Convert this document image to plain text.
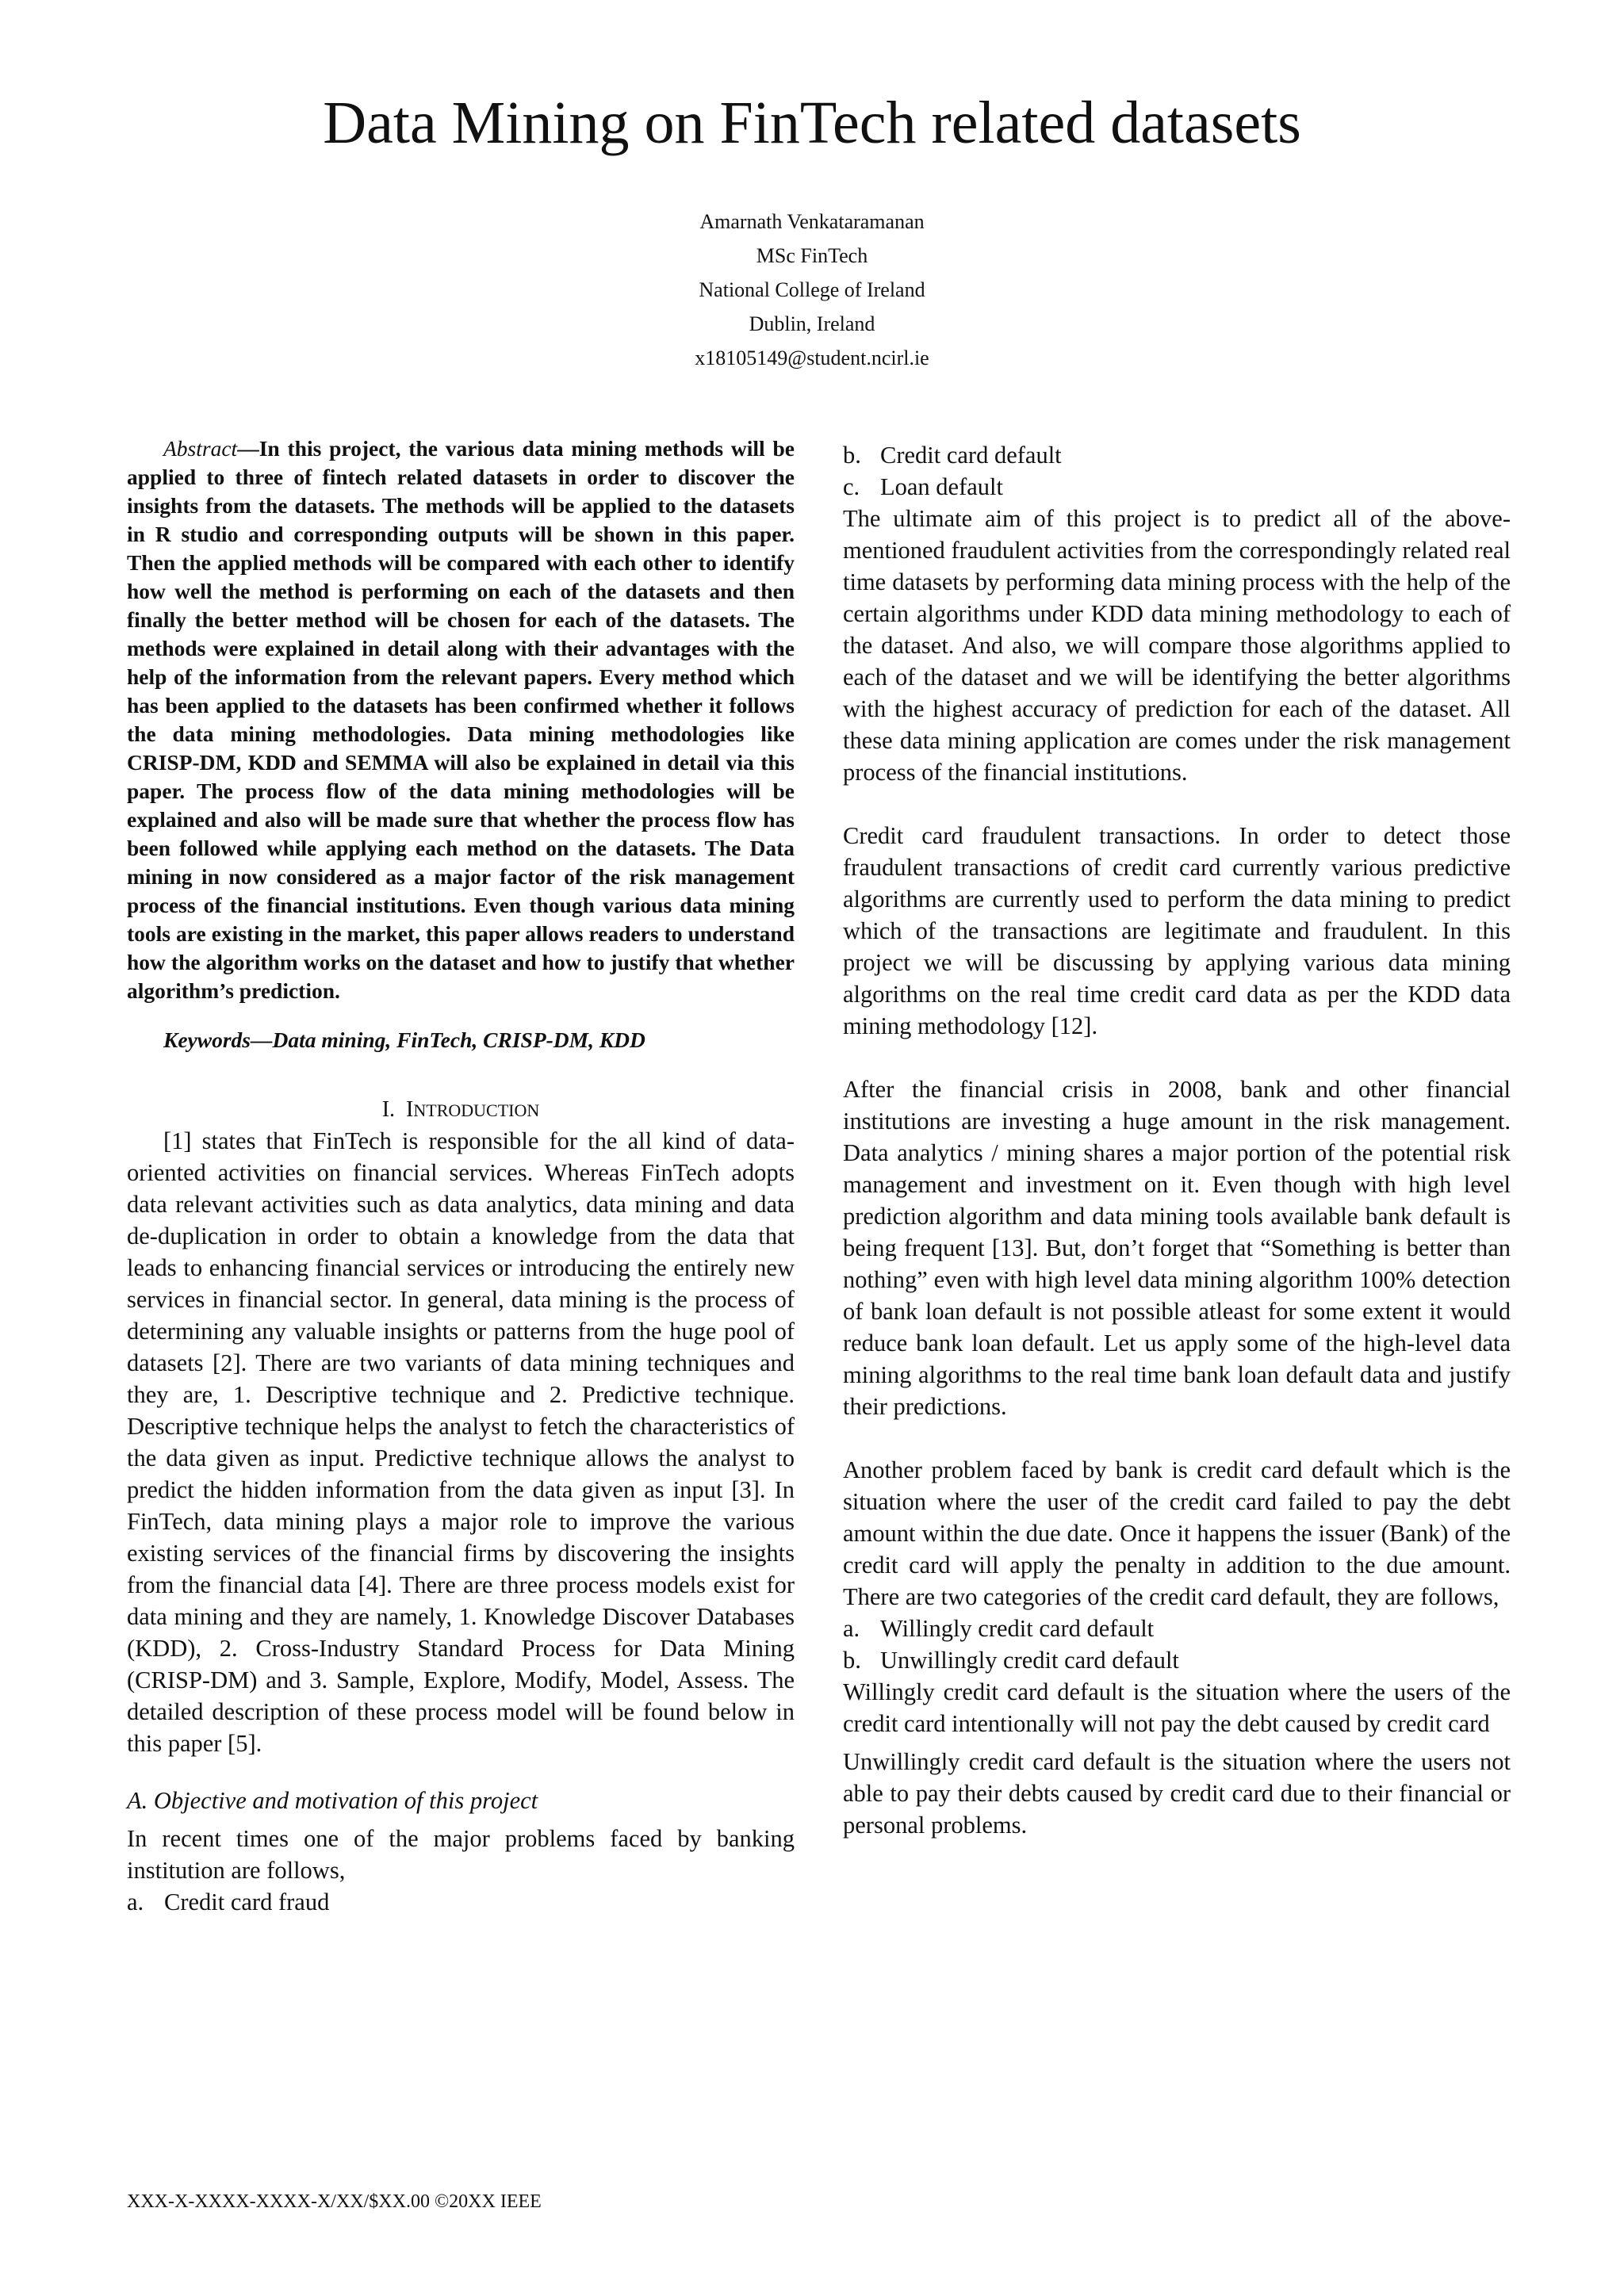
Data Mining on FinTech related datasets
Amarnath Venkataramanan
MSc FinTech
National College of Ireland
Dublin, Ireland
x18105149@student.ncirl.ie

Abstract—In this project, the various data mining methods will be applied to three of fintech related datasets in order to discover the insights from the datasets. The methods will be applied to the datasets in R studio and corresponding outputs will be shown in this paper. Then the applied methods will be compared with each other to identify how well the method is performing on each of the datasets and then finally the better method will be chosen for each of the datasets. The methods were explained in detail along with their advantages with the help of the information from the relevant papers. Every method which has been applied to the datasets has been confirmed whether it follows the data mining methodologies. Data mining methodologies like CRISP-DM, KDD and SEMMA will also be explained in detail via this paper. The process flow of the data mining methodologies will be explained and also will be made sure that whether the process flow has been followed while applying each method on the datasets. The Data mining in now considered as a major factor of the risk management process of the financial institutions. Even though various data mining tools are existing in the market, this paper allows readers to understand how the algorithm works on the dataset and how to justify that whether algorithm’s prediction.

Keywords—Data mining, FinTech, CRISP-DM, KDD

I. INTRODUCTION

[1] states that FinTech is responsible for the all kind of data-oriented activities on financial services. Whereas FinTech adopts data relevant activities such as data analytics, data mining and data de-duplication in order to obtain a knowledge from the data that leads to enhancing financial services or introducing the entirely new services in financial sector. In general, data mining is the process of determining any valuable insights or patterns from the huge pool of datasets [2]. There are two variants of data mining techniques and they are, 1. Descriptive technique and 2. Predictive technique. Descriptive technique helps the analyst to fetch the characteristics of the data given as input. Predictive technique allows the analyst to predict the hidden information from the data given as input [3]. In FinTech, data mining plays a major role to improve the various existing services of the financial firms by discovering the insights from the financial data [4]. There are three process models exist for data mining and they are namely, 1. Knowledge Discover Databases (KDD), 2. Cross-Industry Standard Process for Data Mining (CRISP-DM) and 3. Sample, Explore, Modify, Model, Assess. The detailed description of these process model will be found below in this paper [5].

A. Objective and motivation of this project

In recent times one of the major problems faced by banking institution are follows,

a. Credit card fraud
b. Credit card default
c. Loan default

The ultimate aim of this project is to predict all of the above-mentioned fraudulent activities from the correspondingly related real time datasets by performing data mining process with the help of the certain algorithms under KDD data mining methodology to each of the dataset. And also, we will compare those algorithms applied to each of the dataset and we will be identifying the better algorithms with the highest accuracy of prediction for each of the dataset. All these data mining application are comes under the risk management process of the financial institutions.

Credit card fraudulent transactions. In order to detect those fraudulent transactions of credit card currently various predictive algorithms are currently used to perform the data mining to predict which of the transactions are legitimate and fraudulent. In this project we will be discussing by applying various data mining algorithms on the real time credit card data as per the KDD data mining methodology [12].

After the financial crisis in 2008, bank and other financial institutions are investing a huge amount in the risk management. Data analytics / mining shares a major portion of the potential risk management and investment on it. Even though with high level prediction algorithm and data mining tools available bank default is being frequent [13]. But, don’t forget that “Something is better than nothing” even with high level data mining algorithm 100% detection of bank loan default is not possible atleast for some extent it would reduce bank loan default. Let us apply some of the high-level data mining algorithms to the real time bank loan default data and justify their predictions.

Another problem faced by bank is credit card default which is the situation where the user of the credit card failed to pay the debt amount within the due date. Once it happens the issuer (Bank) of the credit card will apply the penalty in addition to the due amount. There are two categories of the credit card default, they are follows,

a. Willingly credit card default
b. Unwillingly credit card default

Willingly credit card default is the situation where the users of the credit card intentionally will not pay the debt caused by credit card

Unwillingly credit card default is the situation where the users not able to pay their debts caused by credit card due to their financial or personal problems.

XXX-X-XXXX-XXXX-X/XX/$XX.00 ©20XX IEEE
